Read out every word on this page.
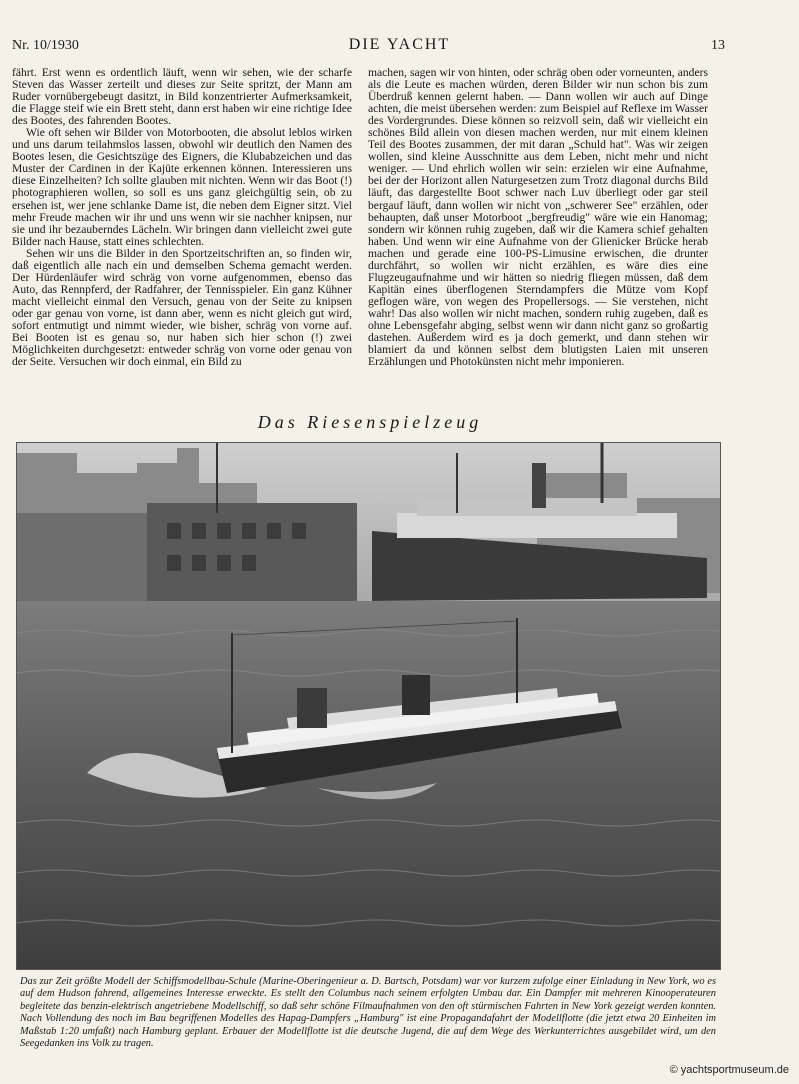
Nr. 10/1930	DIE YACHT	13

fährt. Erst wenn es ordentlich läuft, wenn wir sehen, wie der scharfe Steven das Wasser zerteilt und dieses zur Seite spritzt, der Mann am Ruder vornübergebeugt dasitzt, in Bild konzentrierter Aufmerksamkeit, die Flagge steif wie ein Brett steht, dann erst haben wir eine richtige Idee des Bootes, des fahrenden Bootes.

Wie oft sehen wir Bilder von Motorbooten, die absolut leblos wirken und uns darum teilahmslos lassen, obwohl wir deutlich den Namen des Bootes lesen, die Gesichtszüge des Eigners, die Klubabzeichen und das Muster der Cardinen in der Kajüte erkennen können. Interessieren uns diese Einzelheiten? Ich sollte glauben mit nichten. Wenn wir das Boot (!) photographieren wollen, so soll es uns ganz gleichgültig sein, ob zu ersehen ist, wer jene schlanke Dame ist, die neben dem Eigner sitzt. Viel mehr Freude machen wir ihr und uns wenn wir sie nachher knipsen, nur sie und ihr bezauberndes Lächeln. Wir bringen dann vielleicht zwei gute Bilder nach Hause, statt eines schlechten.

Sehen wir uns die Bilder in den Sportzeitschriften an, so finden wir, daß eigentlich alle nach ein und demselben Schema gemacht werden. Der Hürdenläufer wird schräg von vorne aufgenommen, ebenso das Auto, das Rennpferd, der Radfahrer, der Tennisspieler. Ein ganz Kühner macht vielleicht einmal den Versuch, genau von der Seite zu knipsen oder gar genau von vorne, ist dann aber, wenn es nicht gleich gut wird, sofort entmutigt und nimmt wieder, wie bisher, schräg von vorne auf. Bei Booten ist es genau so, nur haben sich hier schon (!) zwei Möglichkeiten durchgesetzt: entweder schräg von vorne oder genau von der Seite. Versuchen wir doch einmal, ein Bild zu

machen, sagen wir von hinten, oder schräg oben oder vorneunten, anders als die Leute es machen würden, deren Bilder wir nun schon bis zum Überdruß kennen gelernt haben. — Dann wollen wir auch auf Dinge achten, die meist übersehen werden: zum Beispiel auf Reflexe im Wasser des Vordergrundes. Diese können so reizvoll sein, daß wir vielleicht ein schönes Bild allein von diesen machen werden, nur mit einem kleinen Teil des Bootes zusammen, der mit daran „Schuld hat". Was wir zeigen wollen, sind kleine Ausschnitte aus dem Leben, nicht mehr und nicht weniger. — Und ehrlich wollen wir sein: erzielen wir eine Aufnahme, bei der der Horizont allen Naturgesetzen zum Trotz diagonal durchs Bild läuft, das dargestellte Boot schwer nach Luv überliegt oder gar steil bergauf läuft, dann wollen wir nicht von „schwerer See" erzählen, oder behaupten, daß unser Motorboot „bergfreudig" wäre wie ein Hanomag; sondern wir können ruhig zugeben, daß wir die Kamera schief gehalten haben. Und wenn wir eine Aufnahme von der Glienicker Brücke herab machen und gerade eine 100-PS-Limusine erwischen, die drunter durchfährt, so wollen wir nicht erzählen, es wäre dies eine Flugzeugaufnahme und wir hätten so niedrig fliegen müssen, daß dem Kapitän eines überflogenen Sterndampfers die Mütze vom Kopf geflogen wäre, von wegen des Propellersogs. — Sie verstehen, nicht wahr! Das also wollen wir nicht machen, sondern ruhig zugeben, daß es ohne Lebensgefahr abging, selbst wenn wir dann nicht ganz so großartig dastehen. Außerdem wird es ja doch gemerkt, und dann stehen wir blamiert da und können selbst dem blutigsten Laien mit unseren Erzählungen und Photokünsten nicht mehr imponieren.

Das Riesenspielzeug
Das zur Zeit größte Modell der Schiffsmodellbau-Schule (Marine-Oberingenieur a. D. Bartsch, Potsdam) war vor kurzem zufolge einer Einladung in New York, wo es auf dem Hudson fahrend, allgemeines Interesse erweckte. Es stellt den Columbus nach seinem erfolgten Umbau dar. Ein Dampfer mit mehreren Kinooperateuren begleitete das benzin-elektrisch angetriebene Modellschiff, so daß sehr schöne Filmaufnahmen von den oft stürmischen Fahrten in New York gezeigt werden konnten. Nach Vollendung des noch im Bau begriffenen Modelles des Hapag-Dampfers „Hamburg" ist eine Propagandafahrt der Modellflotte (die jetzt etwa 20 Einheiten im Maßstab 1:20 umfaßt) nach Hamburg geplant. Erbauer der Modellflotte ist die deutsche Jugend, die auf dem Wege des Werkunterrichtes ausgebildet wird, um den Seegedanken ins Volk zu tragen.
© yachtsportmuseum.de
